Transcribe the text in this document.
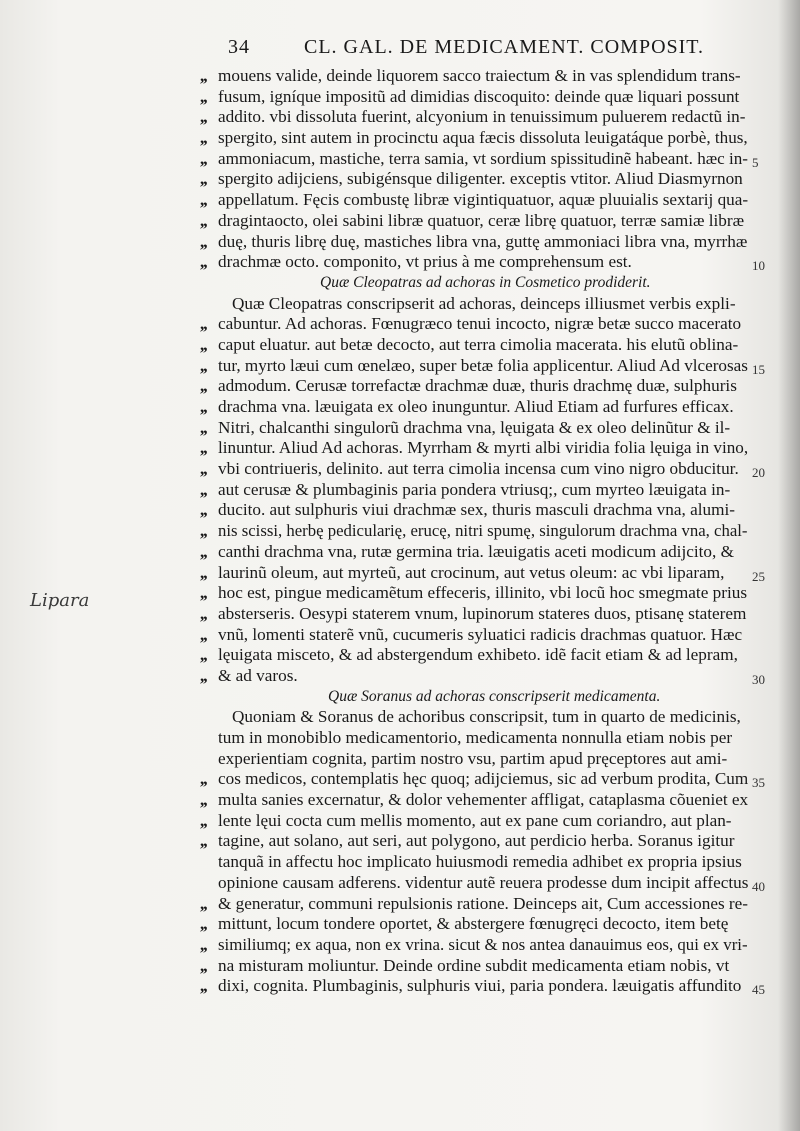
34	CL. GAL. DE MEDICAMENT. COMPOSIT.
Lipara
,, mouens valide, deinde liquorem sacco traiectum & in vas splendidum trans-
,, fusum, igníque impositũ ad dimidias discoquito: deinde quæ liquari possunt
,, addito. vbi dissoluta fuerint, alcyonium in tenuissimum puluerem redactũ in-
,, spergito, sint autem in procinctu aqua fæcis dissoluta leuigatáque porbè, thus,
,, ammoniacum, mastiche, terra samia, vt sordium spissitudinẽ habeant. hæc in- 5
,, spergito adijciens, subigénsque diligenter. exceptis vtitor. Aliud Diasmyrnon
,, appellatum. Fęcis combustę libræ vigintiquatuor, aquæ pluuialis sextarij qua-
,, dragintaocto, olei sabini libræ quatuor, ceræ librę quatuor, terræ samiæ libræ
,, duę, thuris librę duę, mastiches libra vna, guttę ammoniaci libra vna, myrrhæ
,, drachmæ octo. componito, vt prius à me comprehensum est.	10
Quæ Cleopatras ad achoras in Cosmetico prodiderit.
Quæ Cleopatras conscripserit ad achoras, deinceps illiusmet verbis expli-
,, cabuntur. Ad achoras. Fœnugræco tenui incocto, nigræ betæ succo macerato
,, caput eluatur. aut betæ decocto, aut terra cimolia macerata. his elutũ oblina-
,, tur, myrto læui cum œnelæo, super betæ folia applicentur. Aliud Ad vlcerosas 15
,, admodum. Cerusæ torrefactæ drachmæ duæ, thuris drachmę duæ, sulphuris
,, drachma vna. læuigata ex oleo inunguntur. Aliud Etiam ad furfures efficax.
,, Nitri, chalcanthi singulorũ drachma vna, lęuigata & ex oleo delinũtur & il-
,, linuntur. Aliud Ad achoras. Myrrham & myrti albi viridia folia lęuiga in vino,
,, vbi contriueris, delinito. aut terra cimolia incensa cum vino nigro obducitur. 20
,, aut cerusæ & plumbaginis paria pondera vtriusq;, cum myrteo læuigata in-
,, ducito. aut sulphuris viui drachmæ sex, thuris masculi drachma vna, alumi-
,, nis scissi, herbę pedicularię, erucę, nitri spumę, singulorum drachma vna, chal-
,, canthi drachma vna, rutæ germina tria. læuigatis aceti modicum adijcito, &
,, laurinũ oleum, aut myrteũ, aut crocinum, aut vetus oleum: ac vbi liparam, 25
,, hoc est, pingue medicamẽtum effeceris, illinito, vbi locũ hoc smegmate prius
,, absterseris. Oesypi staterem vnum, lupinorum stateres duos, ptisanę staterem
,, vnũ, lomenti staterẽ vnũ, cucumeris syluatici radicis drachmas quatuor. Hæc
,, lęuigata misceto, & ad abstergendum exhibeto. idẽ facit etiam & ad lepram,
,, & ad varos.	30
Quæ Soranus ad achoras conscripserit medicamenta.
Quoniam & Soranus de achoribus conscripsit, tum in quarto de medicinis,
tum in monobiblo medicamentorio, medicamenta nonnulla etiam nobis per
experientiam cognita, partim nostro vsu, partim apud pręceptores aut ami-
,, cos medicos, contemplatis hęc quoq; adijciemus, sic ad verbum prodita, Cum 35
,, multa sanies excernatur, & dolor vehementer affligat, cataplasma cõueniet ex
,, lente lęui cocta cum mellis momento, aut ex pane cum coriandro, aut plan-
,, tagine, aut solano, aut seri, aut polygono, aut perdicio herba. Soranus igitur
tanquã in affectu hoc implicato huiusmodi remedia adhibet ex propria ipsius
opinione causam adferens. videntur autẽ reuera prodesse dum incipit affectus 40
,, & generatur, communi repulsionis ratione. Deinceps ait, Cum accessiones re-
,, mittunt, locum tondere oportet, & abstergere fœnugręci decocto, item betę
,, similiumq; ex aqua, non ex vrina. sicut & nos antea danauimus eos, qui ex vri-
,, na misturam moliuntur. Deinde ordine subdit medicamenta etiam nobis, vt
,, dixi, cognita. Plumbaginis, sulphuris viui, paria pondera. læuigatis affundito 45
